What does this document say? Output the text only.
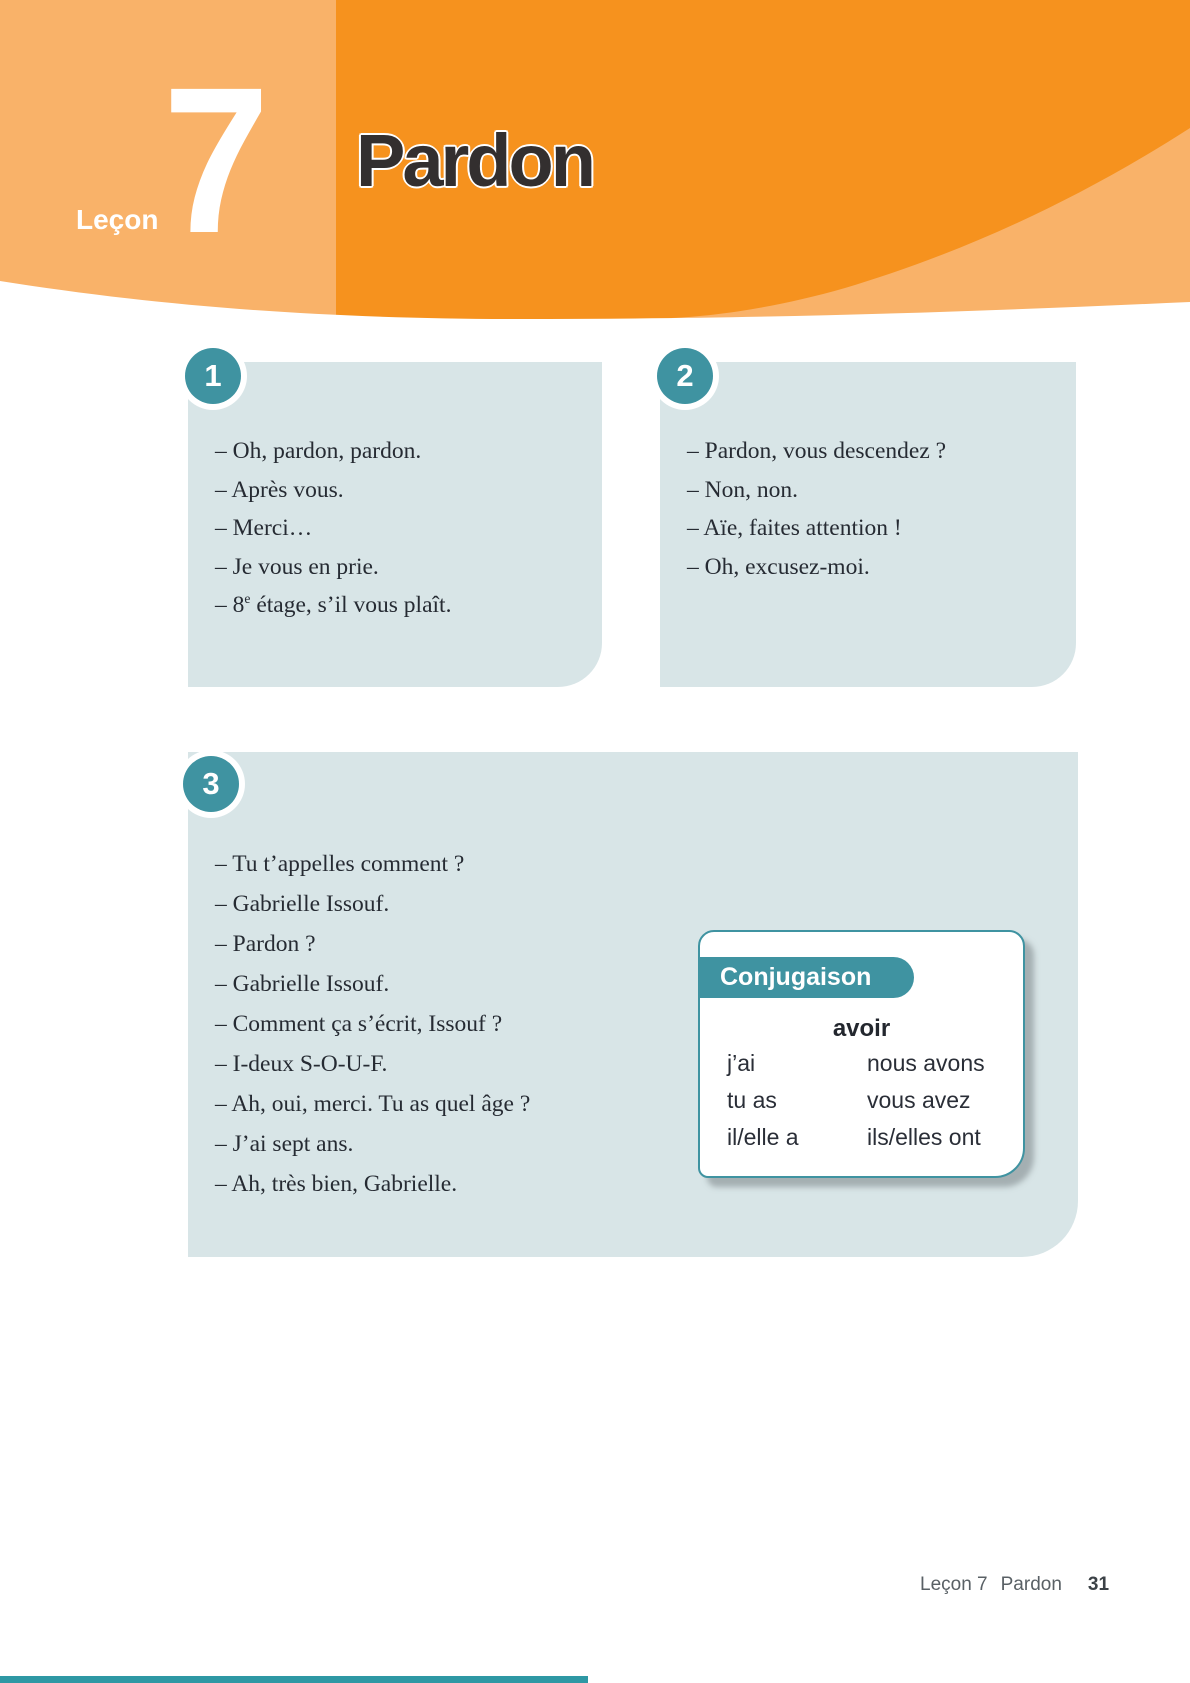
Leçon 7 Pardon
1

– Oh, pardon, pardon.

– Après vous.

– Merci…

– Je vous en prie.

– 8e étage, s’il vous plaît.

2

– Pardon, vous descendez ?

– Non, non.

– Aïe, faites attention !

– Oh, excusez-moi.

3

– Tu t’appelles comment ?

– Gabrielle Issouf.

– Pardon ?

– Gabrielle Issouf.

– Comment ça s’écrit, Issouf ?

– I-deux S-O-U-F.

– Ah, oui, merci. Tu as quel âge ?

– J’ai sept ans.

– Ah, très bien, Gabrielle.

Conjugaison
avoir
j’ai	nous avons
tu as	vous avez
il/elle a	ils/elles ont
Leçon 7 Pardon 31
